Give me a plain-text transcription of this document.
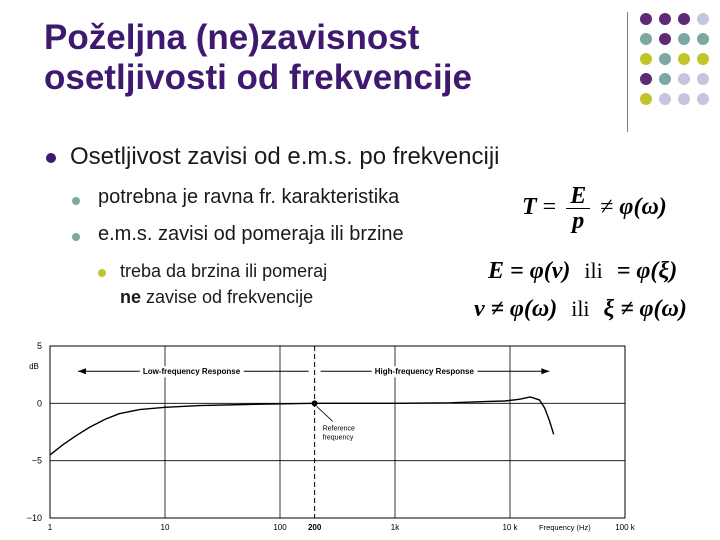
Poželjna (ne)zavisnost
osetljivosti od frekvencije
Osetljivost zavisi od e.m.s. po frekvenciji
potrebna je ravna fr. karakteristika
e.m.s. zavisi od pomeraja ili brzine
treba da brzina ili pomeraj
ne zavise od frekvencije
$T = \frac{E}{p} \ne \varphi(\omega)$
E = φ(ν) ili = φ(ξ)
ν ≠ φ(ω) ili ξ ≠ φ(ω)
5
0
−5
−10
dB
1	10	100	200	1k	10 k	100 k
Frequency (Hz)
Low-frequency Response	High-frequency Response
Reference
frequency
